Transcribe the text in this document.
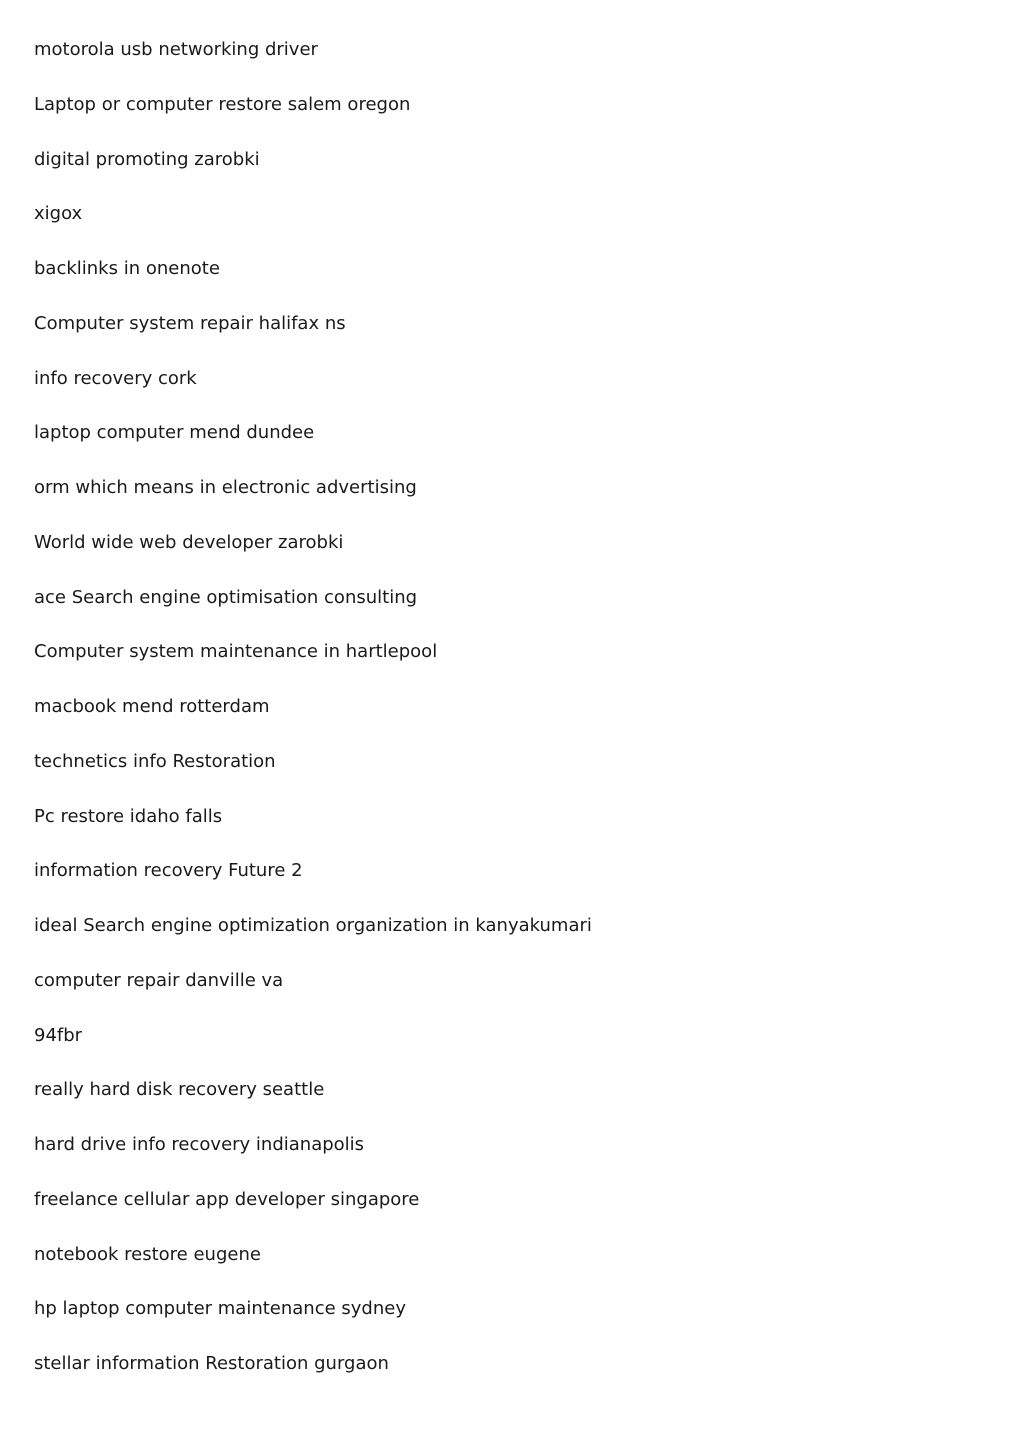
motorola usb networking driver
Laptop or computer restore salem oregon
digital promoting zarobki
xigox
backlinks in onenote
Computer system repair halifax ns
info recovery cork
laptop computer mend dundee
orm which means in electronic advertising
World wide web developer zarobki
ace Search engine optimisation consulting
Computer system maintenance in hartlepool
macbook mend rotterdam
technetics info Restoration
Pc restore idaho falls
information recovery Future 2
ideal Search engine optimization organization in kanyakumari
computer repair danville va
94fbr
really hard disk recovery seattle
hard drive info recovery indianapolis
freelance cellular app developer singapore
notebook restore eugene
hp laptop computer maintenance sydney
stellar information Restoration gurgaon
